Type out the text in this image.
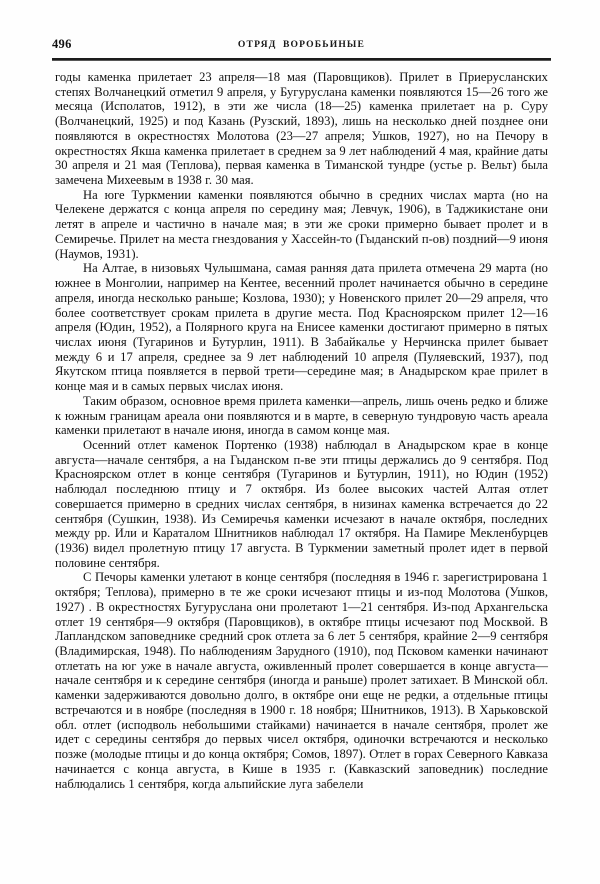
496	ОТРЯД ВОРОБЬИНЫЕ

годы каменка прилетает 23 апреля—18 мая (Паровщиков). Прилет в Приерусланских степях Волчанецкий отметил 9 апреля, у Бугуруслана каменки появляются 15—26 того же месяца (Исполатов, 1912), в эти же числа (18—25) каменка прилетает на р. Суру (Волчанецкий, 1925) и под Казань (Рузский, 1893), лишь на несколько дней позднее они появляются в окрестностях Молотова (23—27 апреля; Ушков, 1927), но на Печору в окрестностях Якша каменка прилетает в среднем за 9 лет наблюдений 4 мая, крайние даты 30 апреля и 21 мая (Теплова), первая каменка в Тиманской тундре (устье р. Вельт) была замечена Михеевым в 1938 г. 30 мая.

На юге Туркмении каменки появляются обычно в средних числах марта (но на Челекене держатся с конца апреля по середину мая; Левчук, 1906), в Таджикистане они летят в апреле и частично в начале мая; в эти же сроки примерно бывает пролет и в Семиречье. Прилет на места гнездования у Хассейн-то (Гыданский п-ов) поздний—9 июня (Наумов, 1931).

На Алтае, в низовьях Чулышмана, самая ранняя дата прилета отмечена 29 марта (но южнее в Монголии, например на Кентее, весенний пролет начинается обычно в середине апреля, иногда несколько раньше; Козлова, 1930); у Новенского прилет 20—29 апреля, что более соответствует срокам прилета в другие места. Под Красноярском прилет 12—16 апреля (Юдин, 1952), а Полярного круга на Енисее каменки достигают примерно в пятых числах июня (Тугаринов и Бутурлин, 1911). В Забайкалье у Нерчинска прилет бывает между 6 и 17 апреля, среднее за 9 лет наблюдений 10 апреля (Пуляевский, 1937), под Якутском птица появляется в первой трети—середине мая; в Анадырском крае прилет в конце мая и в самых первых числах июня.

Таким образом, основное время прилета каменки—апрель, лишь очень редко и ближе к южным границам ареала они появляются и в марте, в северную тундровую часть ареала каменки прилетают в начале июня, иногда в самом конце мая.

Осенний отлет каменок Портенко (1938) наблюдал в Анадырском крае в конце августа—начале сентября, а на Гыданском п-ве эти птицы держались до 9 сентября. Под Красноярском отлет в конце сентября (Тугаринов и Бутурлин, 1911), но Юдин (1952) наблюдал последнюю птицу и 7 октября. Из более высоких частей Алтая отлет совершается примерно в средних числах сентября, в низинах каменка встречается до 22 сентября (Сушкин, 1938). Из Семиречья каменки исчезают в начале октября, последних между рр. Или и Караталом Шнитников наблюдал 17 октября. На Памире Мекленбурцев (1936) видел пролетную птицу 17 августа. В Туркмении заметный пролет идет в первой половине сентября.

С Печоры каменки улетают в конце сентября (последняя в 1946 г. зарегистрирована 1 октября; Теплова), примерно в те же сроки исчезают птицы и из-под Молотова (Ушков, 1927) . В окрестностях Бугуруслана они пролетают 1—21 сентября. Из-под Архангельска отлет 19 сентября—9 октября (Паровщиков), в октябре птицы исчезают под Москвой. В Лапландском заповеднике средний срок отлета за 6 лет 5 сентября, крайние 2—9 сентября (Владимирская, 1948). По наблюдениям Зарудного (1910), под Псковом каменки начинают отлетать на юг уже в начале августа, оживленный пролет совершается в конце августа—начале сентября и к середине сентября (иногда и раньше) пролет затихает. В Минской обл. каменки задерживаются довольно долго, в октябре они еще не редки, а отдельные птицы встречаются и в ноябре (последняя в 1900 г. 18 ноября; Шнитников, 1913). В Харьковской обл. отлет (исподволь небольшими стайками) начинается в начале сентября, пролет же идет с середины сентября до первых чисел октября, одиночки встречаются и несколько позже (молодые птицы и до конца октября; Сомов, 1897). Отлет в горах Северного Кавказа начинается с конца августа, в Кише в 1935 г. (Кавказский заповедник) последние наблюдались 1 сентября, когда альпийские луга забелели
